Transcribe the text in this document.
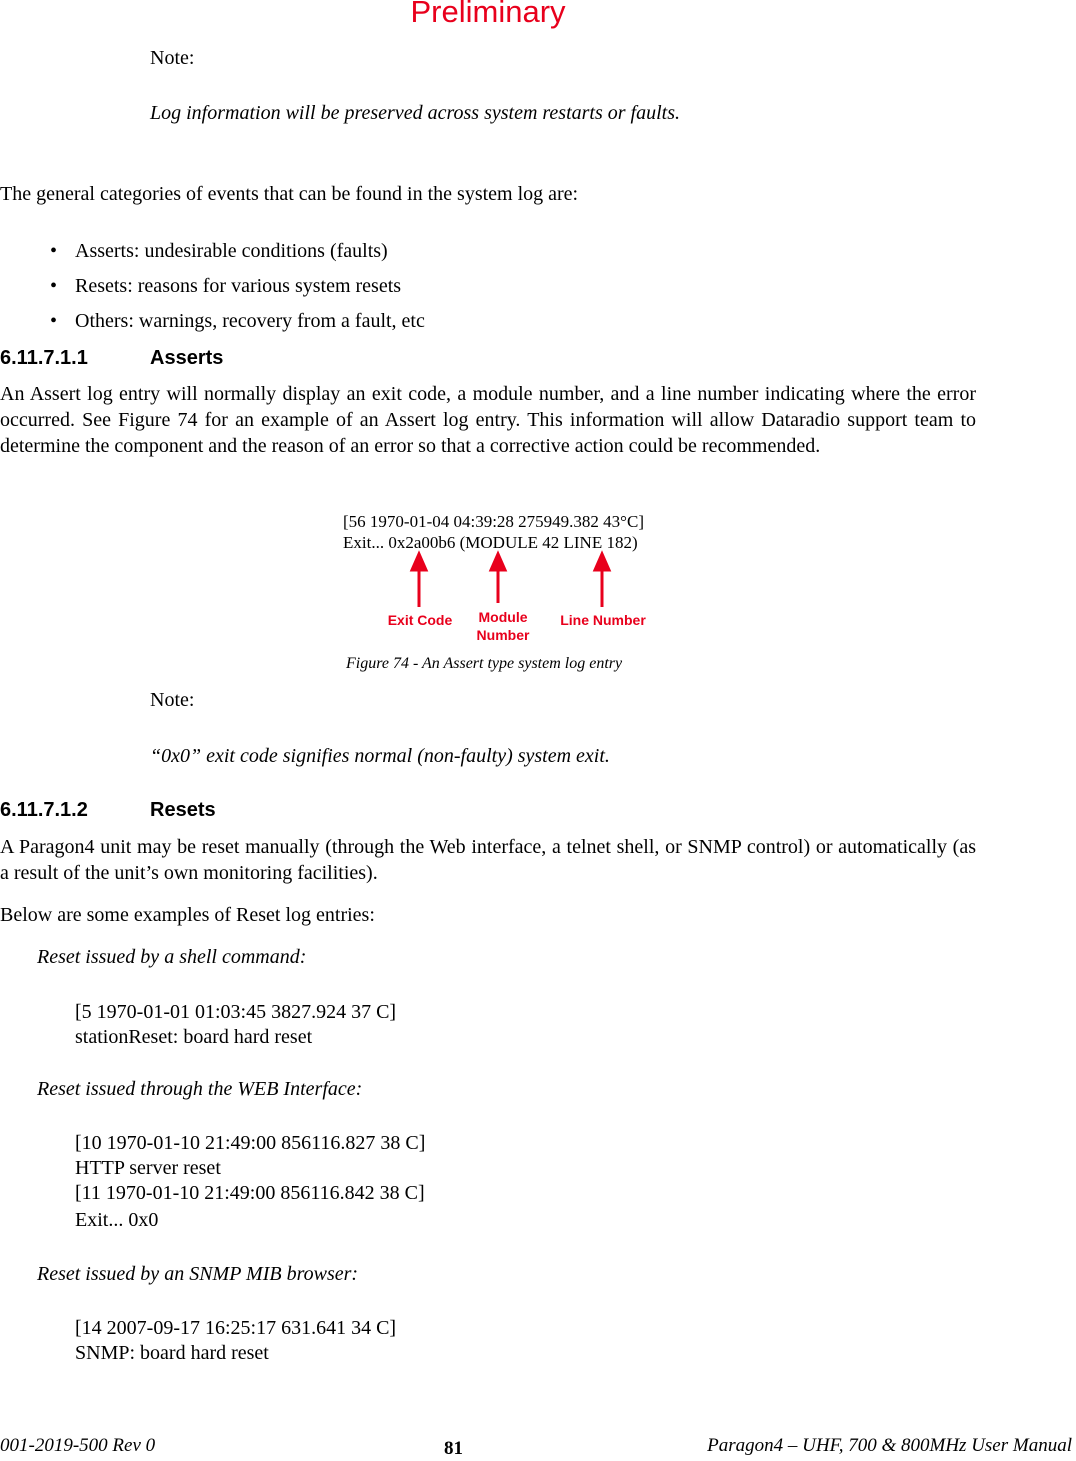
Preliminary
Note:
Log information will be preserved across system restarts or faults.
The general categories of events that can be found in the system log are:
• Asserts: undesirable conditions (faults)
• Resets: reasons for various system resets
• Others: warnings, recovery from a fault, etc
6.11.7.1.1	Asserts
An Assert log entry will normally display an exit code, a module number, and a line number indicating where the error occurred. See Figure 74 for an example of an Assert log entry. This information will allow Dataradio support team to determine the component and the reason of an error so that a corrective action could be recommended.
[56 1970-01-04 04:39:28 275949.382 43°C]
Exit... 0x2a00b6 (MODULE 42 LINE 182)
Exit Code	Module
Number
Line Number
Figure 74 - An Assert type system log entry
Note:
“0x0” exit code signifies normal (non-faulty) system exit.
6.11.7.1.2	Resets
A Paragon4 unit may be reset manually (through the Web interface, a telnet shell, or SNMP control) or automatically (as a result of the unit’s own monitoring facilities).
Below are some examples of Reset log entries:
Reset issued by a shell command:
[5 1970-01-01 01:03:45 3827.924 37 C]
stationReset: board hard reset
Reset issued through the WEB Interface:
[10 1970-01-10 21:49:00 856116.827 38 C]
HTTP server reset
[11 1970-01-10 21:49:00 856116.842 38 C]
Exit... 0x0
Reset issued by an SNMP MIB browser:
[14 2007-09-17 16:25:17 631.641 34 C]
SNMP: board hard reset
001-2019-500 Rev 0	81	Paragon4 – UHF, 700 & 800MHz User Manual
